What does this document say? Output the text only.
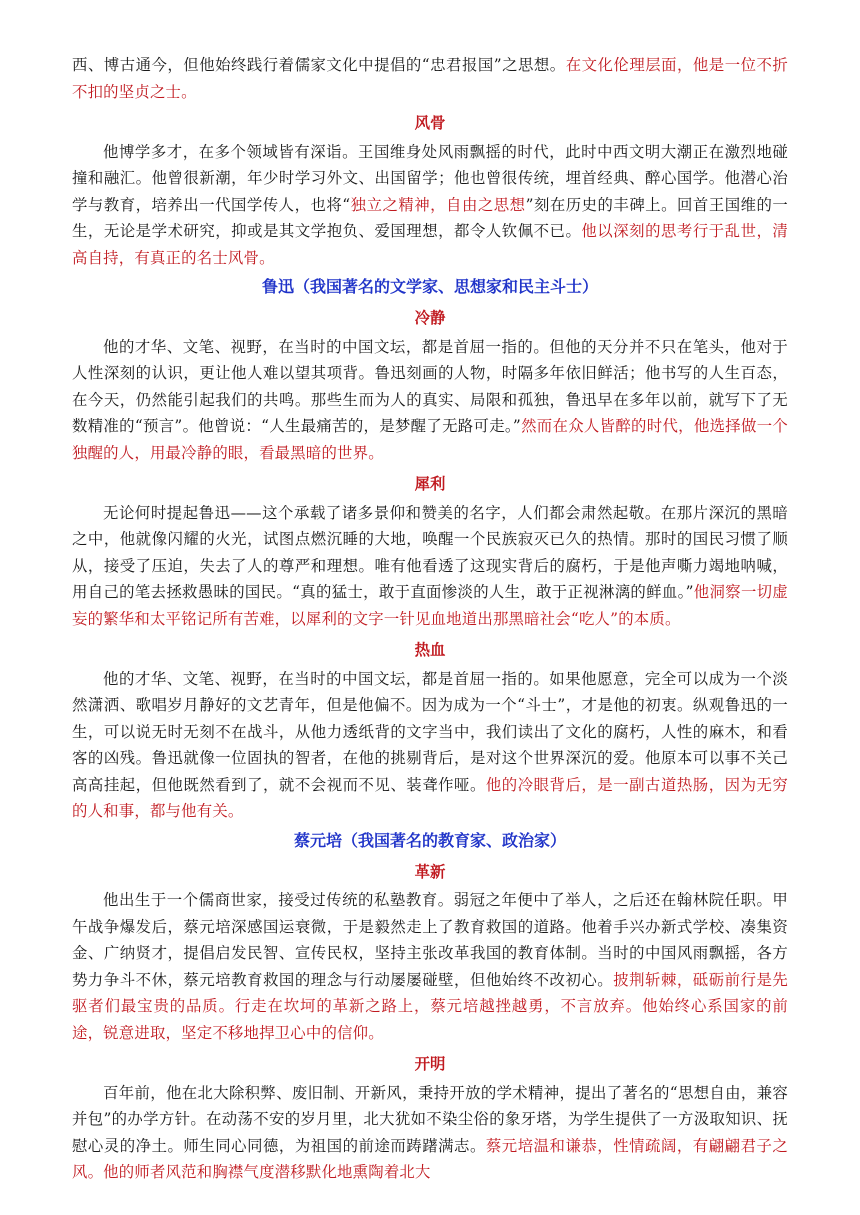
西、博古通今，但他始终践行着儒家文化中提倡的“忠君报国”之思想。在文化伦理层面，他是一位不折不扣的坚贞之士。

风骨

他博学多才，在多个领域皆有深诣。王国维身处风雨飘摇的时代，此时中西文明大潮正在激烈地碰撞和融汇。他曾很新潮，年少时学习外文、出国留学；他也曾很传统，埋首经典、醉心国学。他潜心治学与教育，培养出一代国学传人，也将“独立之精神，自由之思想”刻在历史的丰碑上。回首王国维的一生，无论是学术研究，抑或是其文学抱负、爱国理想，都令人钦佩不已。他以深刻的思考行于乱世，清高自持，有真正的名士风骨。

鲁迅（我国著名的文学家、思想家和民主斗士）
冷静

他的才华、文笔、视野，在当时的中国文坛，都是首屈一指的。但他的天分并不只在笔头，他对于人性深刻的认识，更让他人难以望其项背。鲁迅刻画的人物，时隔多年依旧鲜活；他书写的人生百态，在今天，仍然能引起我们的共鸣。那些生而为人的真实、局限和孤独，鲁迅早在多年以前，就写下了无数精准的“预言”。他曾说：“人生最痛苦的，是梦醒了无路可走。”然而在众人皆醉的时代，他选择做一个独醒的人，用最冷静的眼，看最黑暗的世界。

犀利

无论何时提起鲁迅——这个承载了诸多景仰和赞美的名字，人们都会肃然起敬。在那片深沉的黑暗之中，他就像闪耀的火光，试图点燃沉睡的大地，唤醒一个民族寂灭已久的热情。那时的国民习惯了顺从，接受了压迫，失去了人的尊严和理想。唯有他看透了这现实背后的腐朽，于是他声嘶力竭地呐喊，用自己的笔去拯救愚昧的国民。“真的猛士，敢于直面惨淡的人生，敢于正视淋漓的鲜血。”他洞察一切虚妄的繁华和太平铭记所有苦难，以犀利的文字一针见血地道出那黑暗社会“吃人”的本质。

热血

他的才华、文笔、视野，在当时的中国文坛，都是首屈一指的。如果他愿意，完全可以成为一个淡然潇洒、歌唱岁月静好的文艺青年，但是他偏不。因为成为一个“斗士”，才是他的初衷。纵观鲁迅的一生，可以说无时无刻不在战斗，从他力透纸背的文字当中，我们读出了文化的腐朽，人性的麻木，和看客的凶残。鲁迅就像一位固执的智者，在他的挑剔背后，是对这个世界深沉的爱。他原本可以事不关己高高挂起，但他既然看到了，就不会视而不见、装聋作哑。他的冷眼背后，是一副古道热肠，因为无穷的人和事，都与他有关。

蔡元培（我国著名的教育家、政治家）
革新

他出生于一个儒商世家，接受过传统的私塾教育。弱冠之年便中了举人，之后还在翰林院任职。甲午战争爆发后，蔡元培深感国运衰微，于是毅然走上了教育救国的道路。他着手兴办新式学校、凑集资金、广纳贤才，提倡启发民智、宣传民权，坚持主张改革我国的教育体制。当时的中国风雨飘摇，各方势力争斗不休，蔡元培教育救国的理念与行动屡屡碰壁，但他始终不改初心。披荆斩棘，砥砺前行是先驱者们最宝贵的品质。行走在坎坷的革新之路上，蔡元培越挫越勇，不言放弃。他始终心系国家的前途，锐意进取，坚定不移地捍卫心中的信仰。

开明

百年前，他在北大除积弊、废旧制、开新风，秉持开放的学术精神，提出了著名的“思想自由，兼容并包”的办学方针。在动荡不安的岁月里，北大犹如不染尘俗的象牙塔，为学生提供了一方汲取知识、抚慰心灵的净土。师生同心同德，为祖国的前途而踌躇满志。蔡元培温和谦恭，性情疏阔，有翩翩君子之风。他的师者风范和胸襟气度潜移默化地熏陶着北大
